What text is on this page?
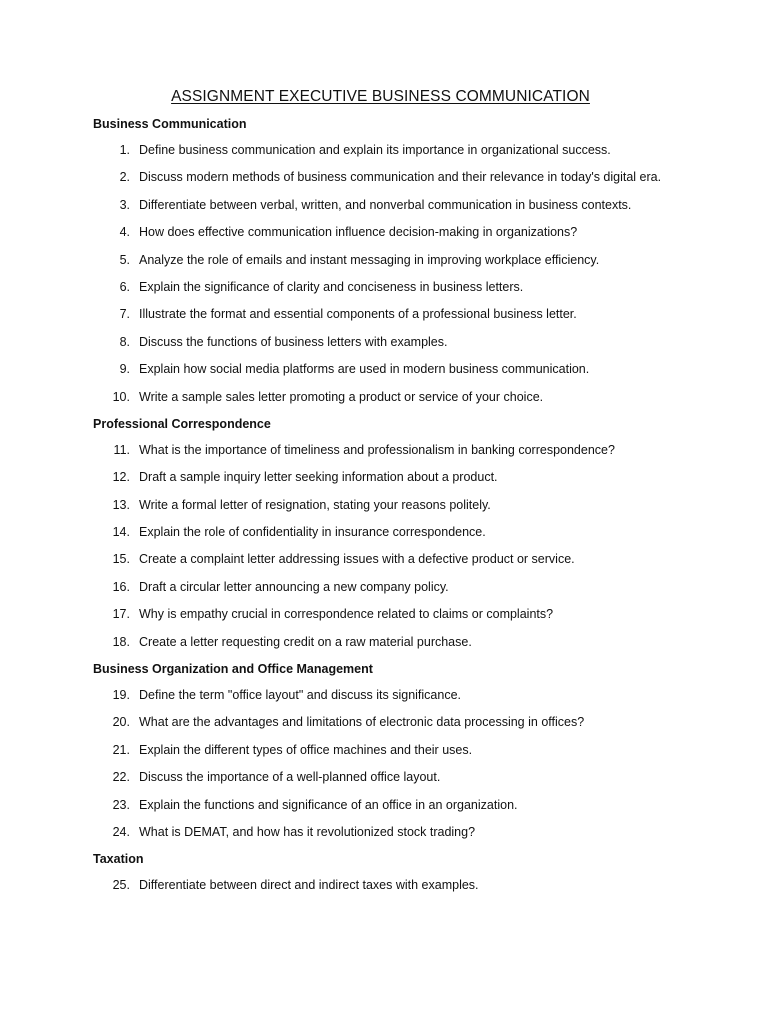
ASSIGNMENT EXECUTIVE BUSINESS COMMUNICATION
Business Communication
1. Define business communication and explain its importance in organizational success.
2. Discuss modern methods of business communication and their relevance in today's digital era.
3. Differentiate between verbal, written, and nonverbal communication in business contexts.
4. How does effective communication influence decision-making in organizations?
5. Analyze the role of emails and instant messaging in improving workplace efficiency.
6. Explain the significance of clarity and conciseness in business letters.
7. Illustrate the format and essential components of a professional business letter.
8. Discuss the functions of business letters with examples.
9. Explain how social media platforms are used in modern business communication.
10. Write a sample sales letter promoting a product or service of your choice.
Professional Correspondence
11. What is the importance of timeliness and professionalism in banking correspondence?
12. Draft a sample inquiry letter seeking information about a product.
13. Write a formal letter of resignation, stating your reasons politely.
14. Explain the role of confidentiality in insurance correspondence.
15. Create a complaint letter addressing issues with a defective product or service.
16. Draft a circular letter announcing a new company policy.
17. Why is empathy crucial in correspondence related to claims or complaints?
18. Create a letter requesting credit on a raw material purchase.
Business Organization and Office Management
19. Define the term "office layout" and discuss its significance.
20. What are the advantages and limitations of electronic data processing in offices?
21. Explain the different types of office machines and their uses.
22. Discuss the importance of a well-planned office layout.
23. Explain the functions and significance of an office in an organization.
24. What is DEMAT, and how has it revolutionized stock trading?
Taxation
25. Differentiate between direct and indirect taxes with examples.
